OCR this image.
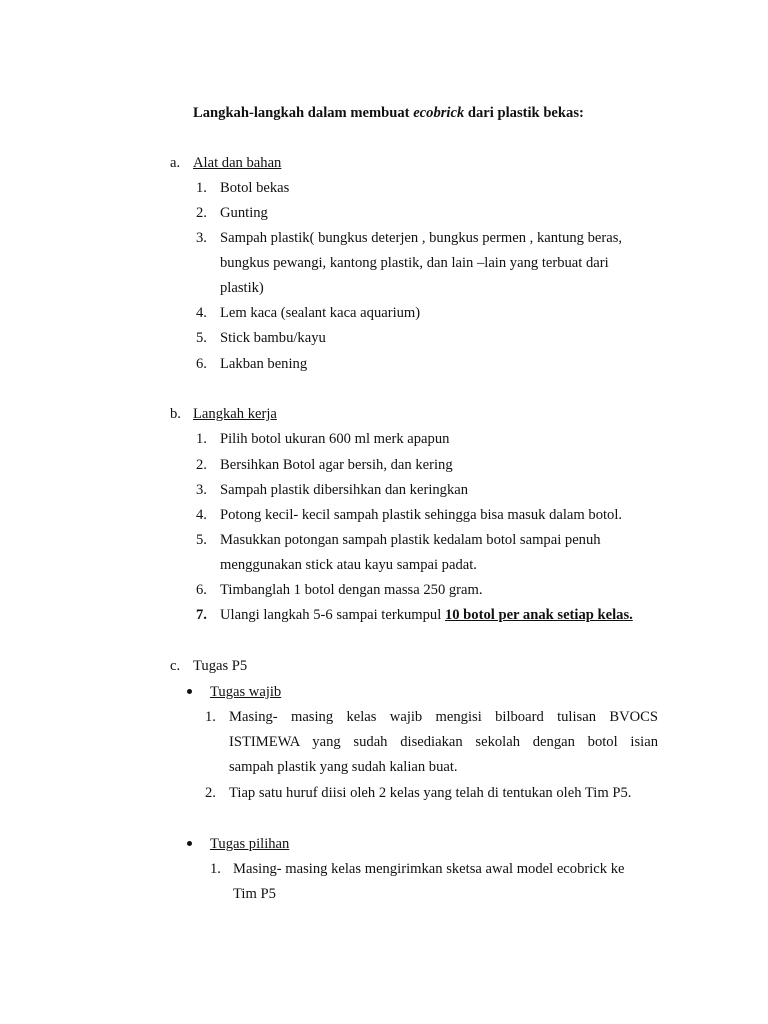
Langkah-langkah dalam membuat ecobrick dari plastik bekas:
a. Alat dan bahan
1. Botol bekas
2. Gunting
3. Sampah plastik( bungkus deterjen , bungkus permen , kantung beras,
bungkus pewangi, kantong plastik, dan lain –lain yang terbuat dari
plastik)
4. Lem kaca (sealant kaca aquarium)
5. Stick bambu/kayu
6. Lakban bening
b. Langkah kerja
1. Pilih botol ukuran 600 ml merk apapun
2. Bersihkan Botol agar bersih, dan kering
3. Sampah plastik dibersihkan dan keringkan
4. Potong kecil- kecil sampah plastik sehingga bisa masuk dalam botol.
5. Masukkan potongan sampah plastik kedalam botol sampai penuh
menggunakan stick atau kayu sampai padat.
6. Timbanglah 1 botol dengan massa 250 gram.
7. Ulangi langkah 5-6 sampai terkumpul 10 botol per anak setiap kelas.
c. Tugas P5
Tugas wajib
1. Masing- masing kelas wajib mengisi bilboard tulisan BVOCS
ISTIMEWA yang sudah disediakan sekolah dengan botol isian
sampah plastik yang sudah kalian buat.
2. Tiap satu huruf diisi oleh 2 kelas yang telah di tentukan oleh Tim P5.
Tugas pilihan
1. Masing- masing kelas mengirimkan sketsa awal model ecobrick ke
Tim P5
